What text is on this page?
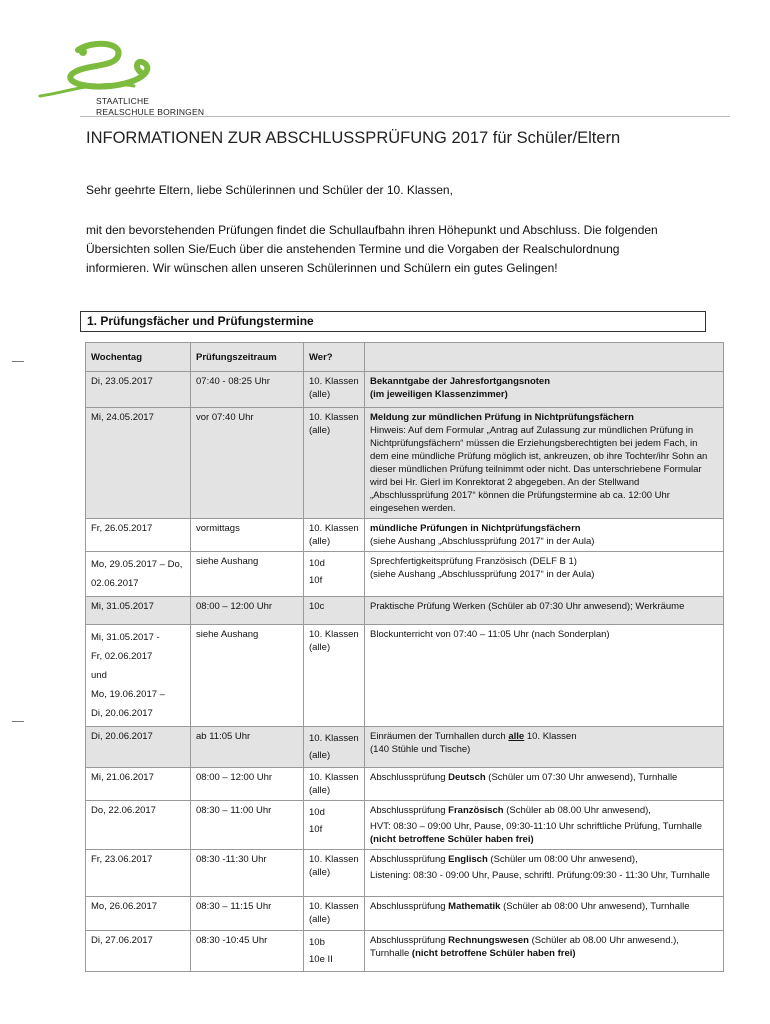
STAATLICHE
REALSCHULE BORINGEN
INFORMATIONEN ZUR ABSCHLUSSPRÜFUNG 2017 für Schüler/Eltern
Sehr geehrte Eltern, liebe Schülerinnen und Schüler der 10. Klassen,
mit den bevorstehenden Prüfungen findet die Schullaufbahn ihren Höhepunkt und Abschluss. Die folgenden Übersichten sollen Sie/Euch über die anstehenden Termine und die Vorgaben der Realschulordnung informieren. Wir wünschen allen unseren Schülerinnen und Schülern ein gutes Gelingen!
1. Prüfungsfächer und Prüfungstermine
Wochentag	Prüfungszeitraum	Wer?	
Di, 23.05.2017	07:40 - 08:25 Uhr	10. Klassen (alle)	Bekanntgabe der Jahresfortgangsnoten
(im jeweiligen Klassenzimmer)

Mi, 24.05.2017	vor 07:40 Uhr	10. Klassen (alle)	Meldung zur mündlichen Prüfung in Nichtprüfungsfächern
Hinweis: Auf dem Formular „Antrag auf Zulassung zur mündlichen Prüfung in Nichtprüfungsfächern“ müssen die Erziehungsberechtigten bei jedem Fach, in dem eine mündliche Prüfung möglich ist, ankreuzen, ob ihre Tochter/ihr Sohn an dieser mündlichen Prüfung teilnimmt oder nicht. Das unterschriebene Formular wird bei Hr. Gierl im Konrektorat 2 abgegeben. An der Stellwand „Abschlussprüfung 2017“ können die Prüfungstermine ab ca. 12:00 Uhr eingesehen werden.

Fr, 26.05.2017	vormittags	10. Klassen (alle)	mündliche Prüfungen in Nichtprüfungsfächern
(siehe Aushang „Abschlussprüfung 2017“ in der Aula)

Mo, 29.05.2017 – Do, 02.06.2017	siehe Aushang	10d
10f	Sprechfertigkeitsprüfung Französisch (DELF B 1)
(siehe Aushang „Abschlussprüfung 2017“ in der Aula)

Mi, 31.05.2017	08:00 – 12:00 Uhr	10c	Praktische Prüfung Werken (Schüler ab 07:30 Uhr anwesend); Werkräume

Mi, 31.05.2017 -
Fr, 02.06.2017
und
Mo, 19.06.2017 –
Di, 20.06.2017	siehe Aushang	10. Klassen (alle)	Blockunterricht von 07:40 – 11:05 Uhr (nach Sonderplan)
Di, 20.06.2017	ab 11:05 Uhr	10. Klassen (alle)	Einräumen der Turnhallen durch alle 10. Klassen
(140 Stühle und Tische)

Mi, 21.06.2017	08:00 – 12:00 Uhr	10. Klassen (alle)	Abschlussprüfung Deutsch (Schüler um 07:30 Uhr anwesend), Turnhalle
Do, 22.06.2017	08:30 – 11:00 Uhr	10d
10f	Abschlussprüfung Französisch (Schüler ab 08.00 Uhr anwesend),
HVT: 08:30 – 09:00 Uhr, Pause, 09:30-11:10 Uhr schriftliche Prüfung, Turnhalle (nicht betroffene Schüler haben frei)

Fr, 23.06.2017	08:30 -11:30 Uhr	10. Klassen (alle)	Abschlussprüfung Englisch (Schüler um 08:00 Uhr anwesend),
Listening: 08:30 - 09:00 Uhr, Pause, schriftl. Prüfung:09:30 - 11:30 Uhr, Turnhalle

Mo, 26.06.2017	08:30 – 11:15 Uhr	10. Klassen (alle)	Abschlussprüfung Mathematik (Schüler ab 08:00 Uhr anwesend), Turnhalle
Di, 27.06.2017	08:30 -10:45 Uhr	10b
10e II	Abschlussprüfung Rechnungswesen (Schüler ab 08.00 Uhr anwesend.), Turnhalle (nicht betroffene Schüler haben frei)
